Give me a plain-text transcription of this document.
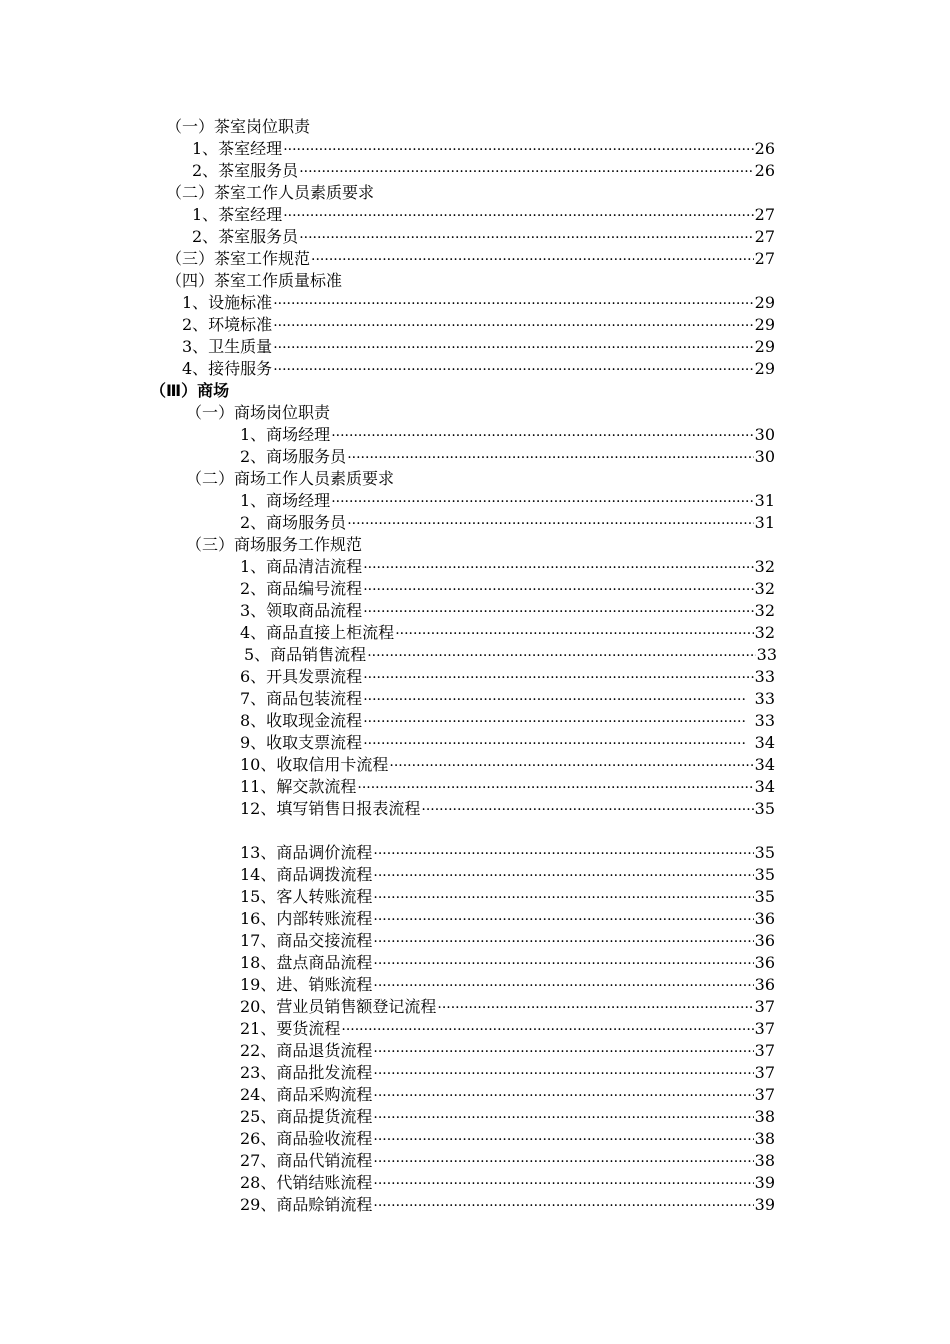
（一）茶室岗位职责
1、茶室经理 ·····	26
2、茶室服务员 ·····	26
（二）茶室工作人员素质要求
1、茶室经理 ·····	27
2、茶室服务员 ·····	27
（三）茶室工作规范 ·····	27
（四）茶室工作质量标准
1、设施标准 ·····	29
2、环境标准 ·····	29
3、卫生质量 ·····	29
4、接待服务 ·····	29
（Ⅲ）商场
（一）商场岗位职责
1、商场经理 ·····	30
2、商场服务员 ·····	30
（二）商场工作人员素质要求
1、商场经理 ·····	31
2、商场服务员 ·····	31
（三）商场服务工作规范
1、商品清洁流程 ·····	32
2、商品编号流程 ·····	32
3、领取商品流程 ·····	32
4、商品直接上柜流程 ·····	32
5、商品销售流程 ·····	33
6、开具发票流程 ·····	33
7、商品包装流程 ·····	33
8、收取现金流程 ·····	33
9、收取支票流程 ·····	34
10、收取信用卡流程 ·····	34
11、解交款流程 ·····	34
12、填写销售日报表流程 ·····	35
13、商品调价流程 ·····	35
14、商品调拨流程 ·····	35
15、客人转账流程 ·····	35
16、内部转账流程 ·····	36
17、商品交接流程 ·····	36
18、盘点商品流程 ·····	36
19、进、销账流程 ·····	36
20、营业员销售额登记流程 ·····	37
21、要货流程 ·····	37
22、商品退货流程 ·····	37
23、商品批发流程 ·····	37
24、商品采购流程 ·····	37
25、商品提货流程 ·····	38
26、商品验收流程 ·····	38
27、商品代销流程 ·····	38
28、代销结账流程 ·····	39
29、商品赊销流程 ·····	39
